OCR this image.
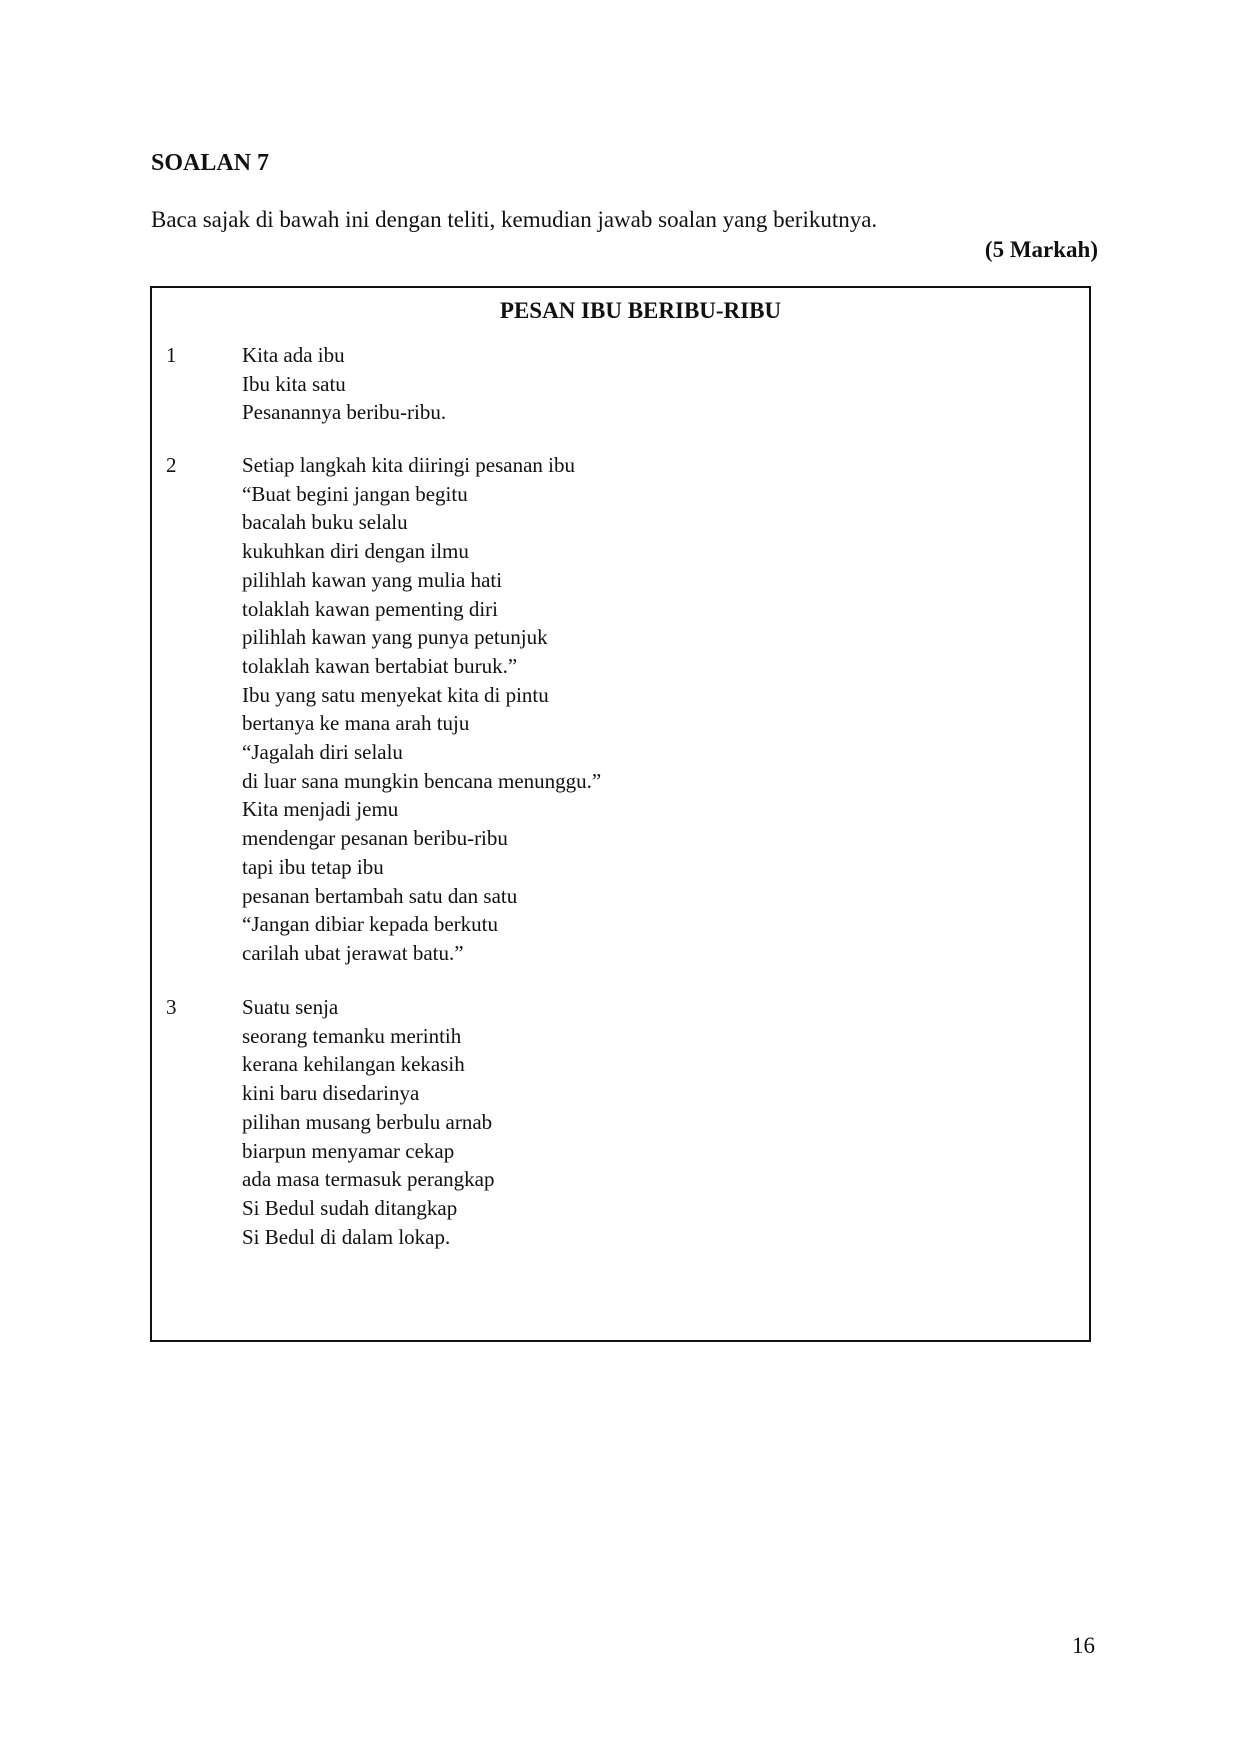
SOALAN 7

Baca sajak di bawah ini dengan teliti, kemudian jawab soalan yang berikutnya.

(5 Markah)

PESAN IBU BERIBU-RIBU
1	Kita ada ibu
Ibu kita satu
Pesanannya beribu-ribu.
2	Setiap langkah kita diiringi pesanan ibu
“Buat begini jangan begitu
bacalah buku selalu
kukuhkan diri dengan ilmu
pilihlah kawan yang mulia hati
tolaklah kawan pementing diri
pilihlah kawan yang punya petunjuk
tolaklah kawan bertabiat buruk.”
Ibu yang satu menyekat kita di pintu
bertanya ke mana arah tuju
“Jagalah diri selalu
di luar sana mungkin bencana menunggu.”
Kita menjadi jemu
mendengar pesanan beribu-ribu
tapi ibu tetap ibu
pesanan bertambah satu dan satu
“Jangan dibiar kepada berkutu
carilah ubat jerawat batu.”
3	Suatu senja
seorang temanku merintih
kerana kehilangan kekasih
kini baru disedarinya
pilihan musang berbulu arnab
biarpun menyamar cekap
ada masa termasuk perangkap
Si Bedul sudah ditangkap
Si Bedul di dalam lokap.

16
